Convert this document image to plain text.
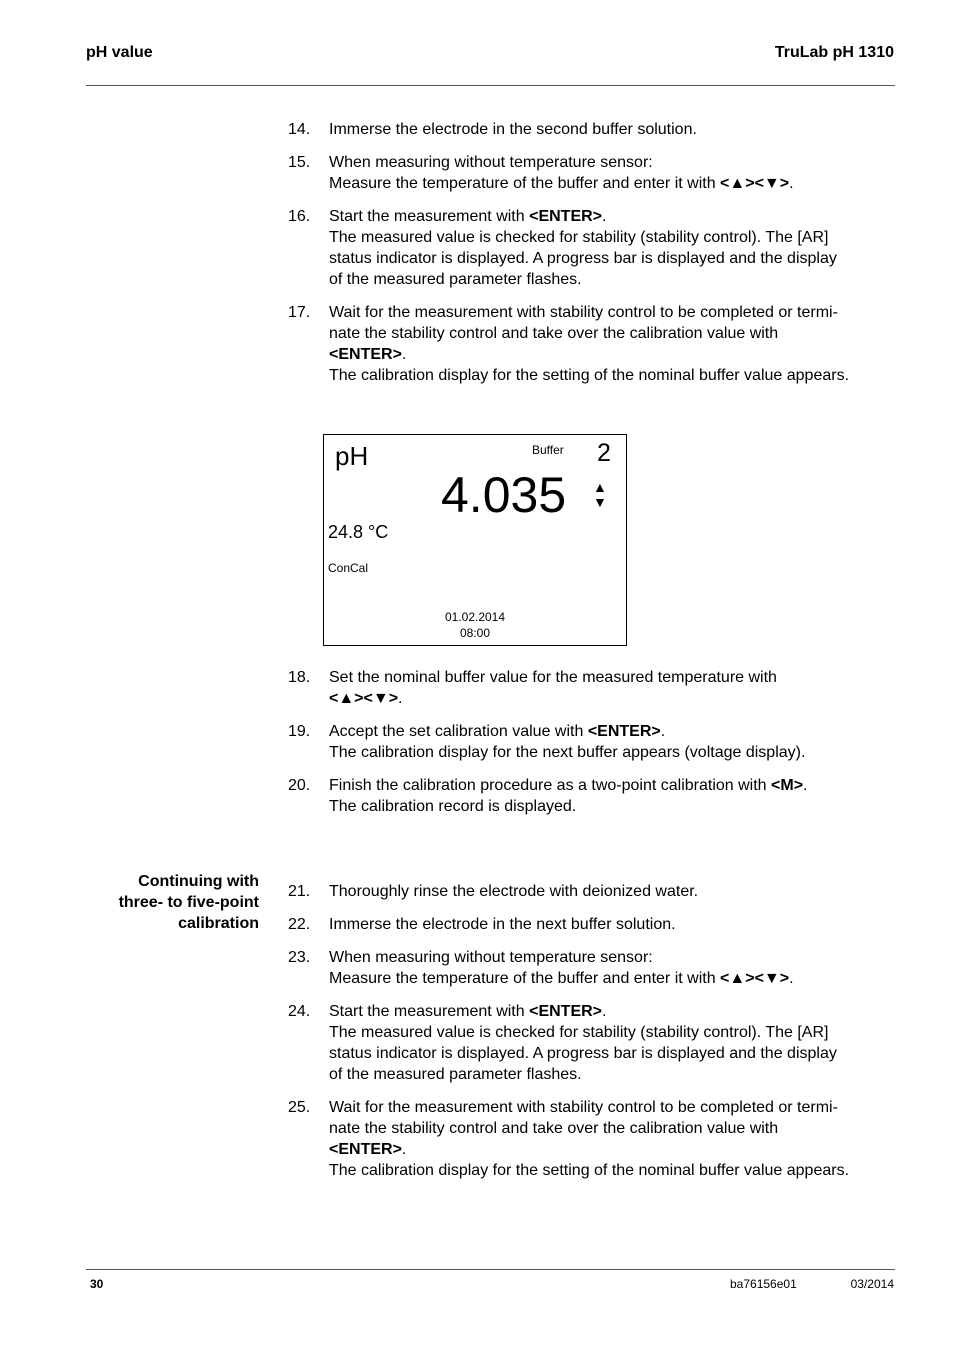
pH value	TruLab pH 1310
14. Immerse the electrode in the second buffer solution.
15. When measuring without temperature sensor:
Measure the temperature of the buffer and enter it with <▲><▼>.
16. Start the measurement with <ENTER>.
The measured value is checked for stability (stability control). The [AR]
status indicator is displayed. A progress bar is displayed and the display
of the measured parameter flashes.
17. Wait for the measurement with stability control to be completed or termi-
nate the stability control and take over the calibration value with
<ENTER>.
The calibration display for the setting of the nominal buffer value appears.
pH	Buffer 2
4.035 ▲
▼
24.8 °C
ConCal
01.02.2014
08:00
18. Set the nominal buffer value for the measured temperature with
<▲><▼>.
19. Accept the set calibration value with <ENTER>.
The calibration display for the next buffer appears (voltage display).
20. Finish the calibration procedure as a two-point calibration with <M>.
The calibration record is displayed.
Continuing with
three- to five-point
calibration
21. Thoroughly rinse the electrode with deionized water.
22. Immerse the electrode in the next buffer solution.
23. When measuring without temperature sensor:
Measure the temperature of the buffer and enter it with <▲><▼>.
24. Start the measurement with <ENTER>.
The measured value is checked for stability (stability control). The [AR]
status indicator is displayed. A progress bar is displayed and the display
of the measured parameter flashes.
25. Wait for the measurement with stability control to be completed or termi-
nate the stability control and take over the calibration value with
<ENTER>.
The calibration display for the setting of the nominal buffer value appears.
30	ba76156e01	03/2014
